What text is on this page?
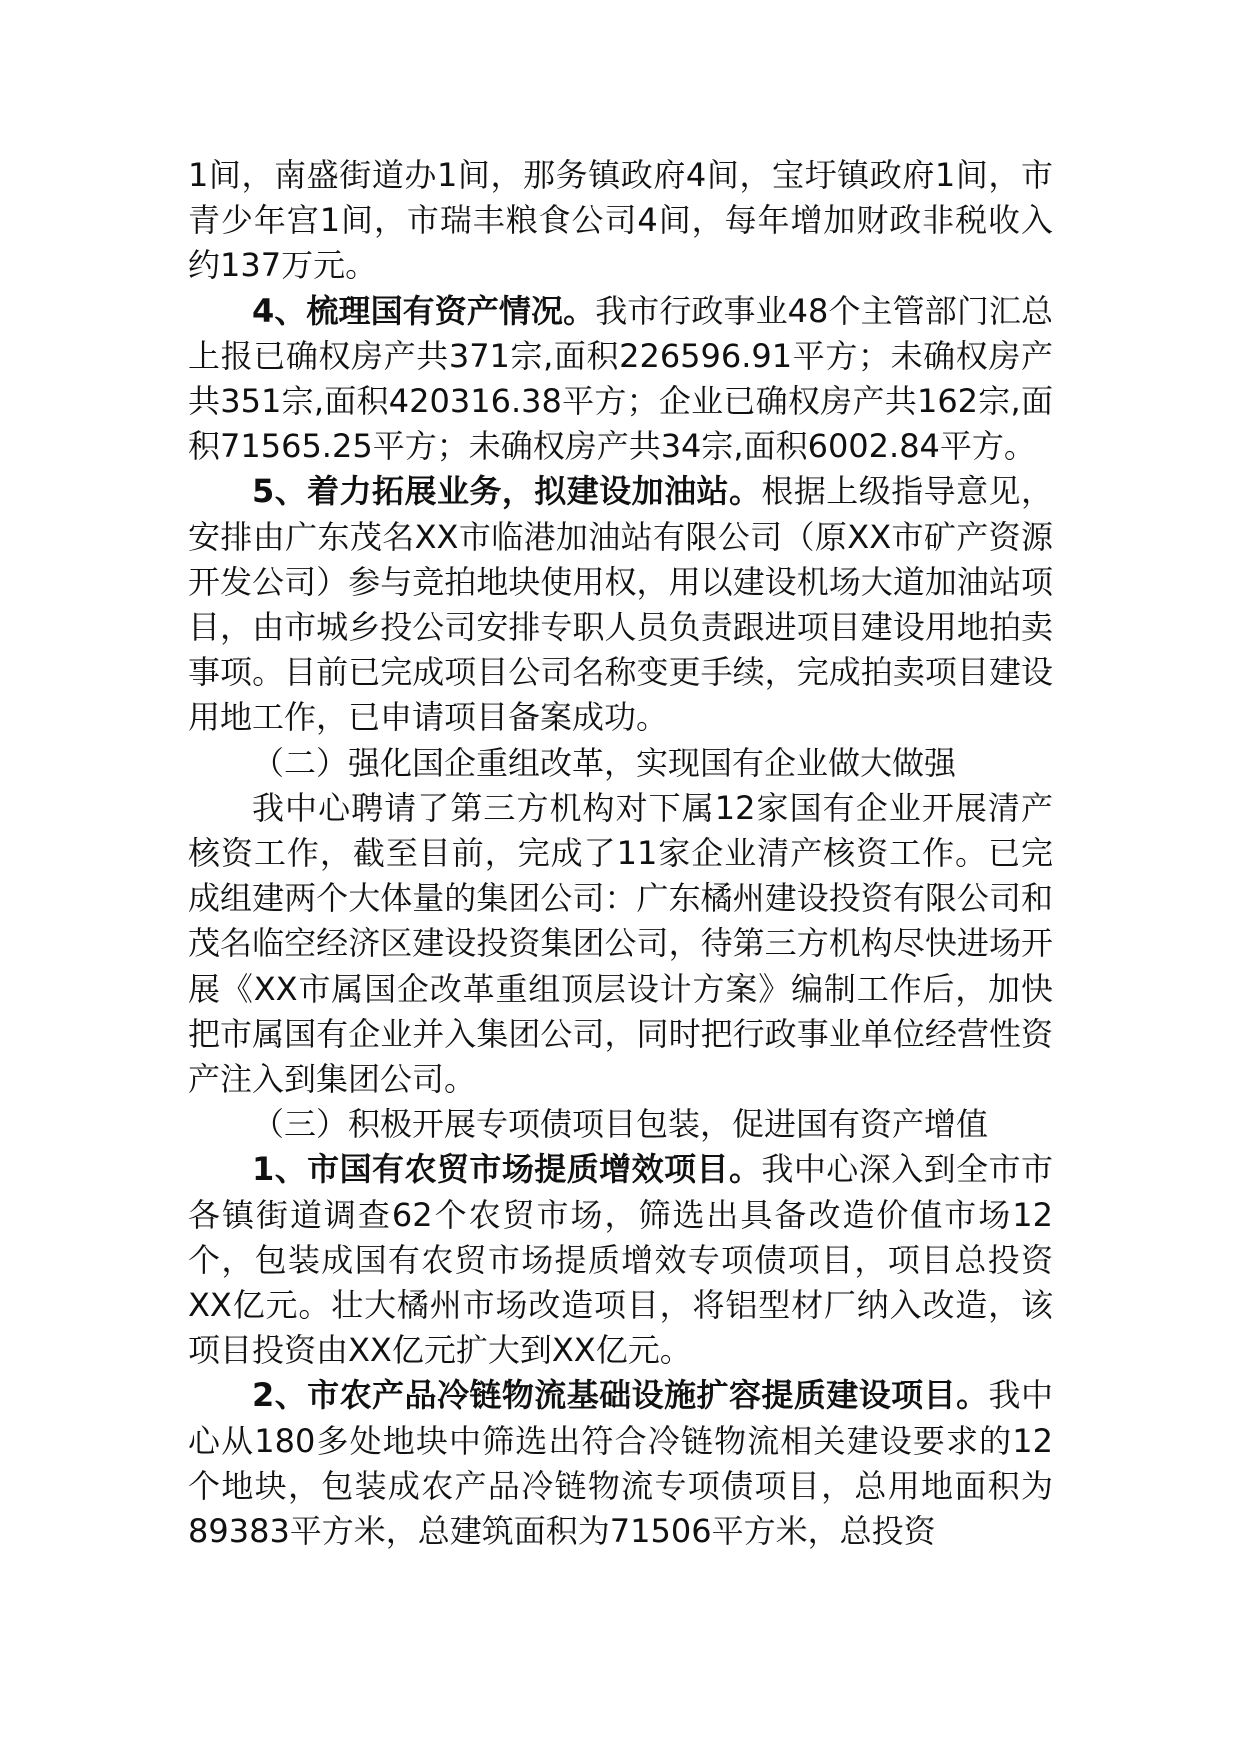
1间，南盛街道办1间，那务镇政府4间，宝圩镇政府1间，市青少年宫1间，市瑞丰粮食公司4间，每年增加财政非税收入约137万元。

4、梳理国有资产情况。我市行政事业48个主管部门汇总上报已确权房产共371宗,面积226596.91平方；未确权房产共351宗,面积420316.38平方；企业已确权房产共162宗,面积71565.25平方；未确权房产共34宗,面积6002.84平方。

5、着力拓展业务，拟建设加油站。根据上级指导意见，安排由广东茂名XX市临港加油站有限公司（原XX市矿产资源开发公司）参与竞拍地块使用权，用以建设机场大道加油站项目，由市城乡投公司安排专职人员负责跟进项目建设用地拍卖事项。目前已完成项目公司名称变更手续，完成拍卖项目建设用地工作，已申请项目备案成功。

（二）强化国企重组改革，实现国有企业做大做强

我中心聘请了第三方机构对下属12家国有企业开展清产核资工作，截至目前，完成了11家企业清产核资工作。已完成组建两个大体量的集团公司：广东橘州建设投资有限公司和茂名临空经济区建设投资集团公司，待第三方机构尽快进场开展《XX市属国企改革重组顶层设计方案》编制工作后，加快把市属国有企业并入集团公司，同时把行政事业单位经营性资产注入到集团公司。

（三）积极开展专项债项目包装，促进国有资产增值

1、市国有农贸市场提质增效项目。我中心深入到全市市各镇街道调查62个农贸市场，筛选出具备改造价值市场12个，包装成国有农贸市场提质增效专项债项目，项目总投资XX亿元。壮大橘州市场改造项目，将铝型材厂纳入改造，该项目投资由XX亿元扩大到XX亿元。

2、市农产品冷链物流基础设施扩容提质建设项目。我中心从180多处地块中筛选出符合冷链物流相关建设要求的12个地块，包装成农产品冷链物流专项债项目，总用地面积为89383平方米，总建筑面积为71506平方米，总投资
